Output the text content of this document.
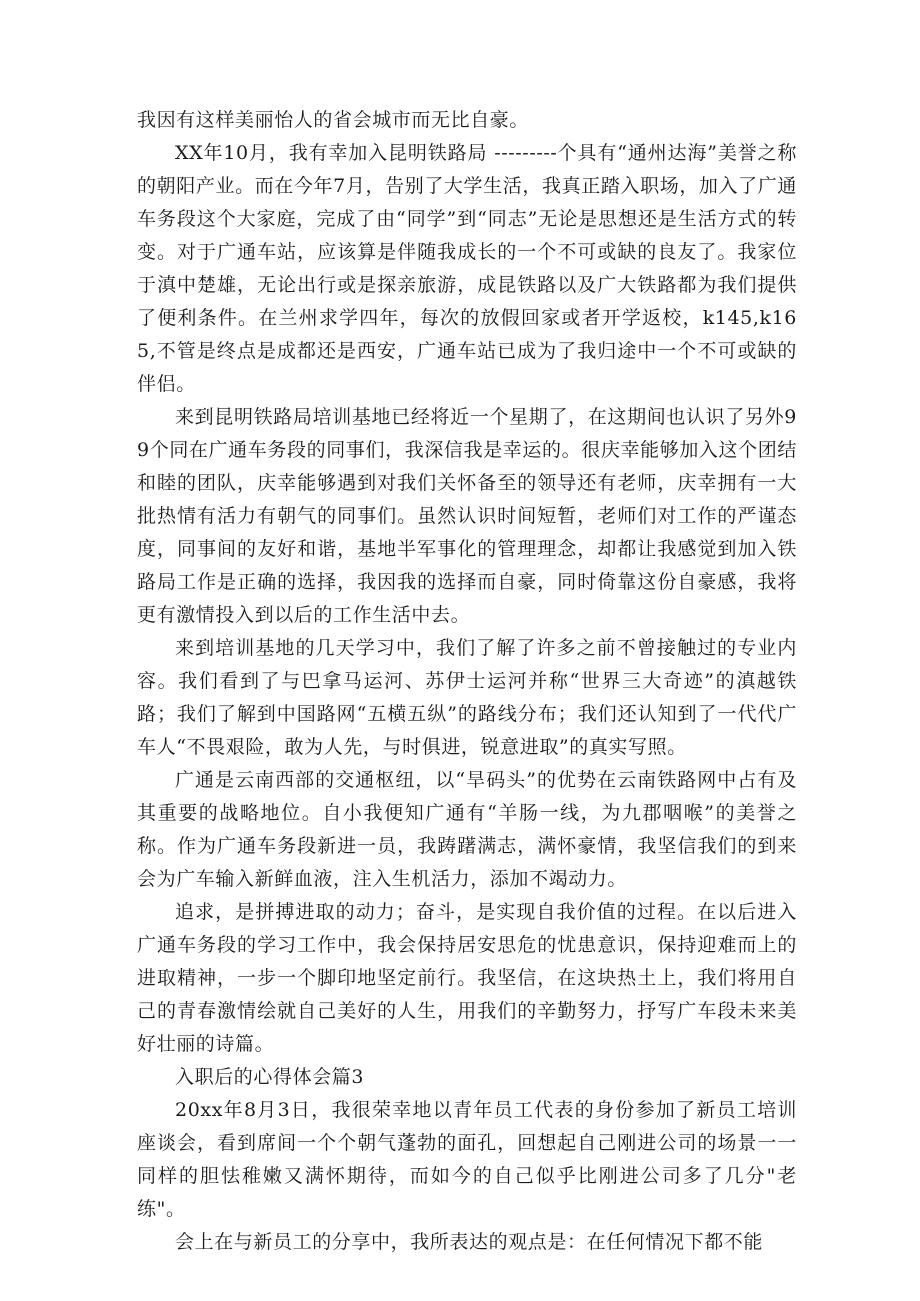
我因有这样美丽怡人的省会城市而无比自豪。

XX年10月，我有幸加入昆明铁路局 ---------个具有“通州达海”美誉之称的朝阳产业。而在今年7月，告别了大学生活，我真正踏入职场，加入了广通车务段这个大家庭，完成了由“同学”到“同志”无论是思想还是生活方式的转变。对于广通车站，应该算是伴随我成长的一个不可或缺的良友了。我家位于滇中楚雄，无论出行或是探亲旅游，成昆铁路以及广大铁路都为我们提供了便利条件。在兰州求学四年，每次的放假回家或者开学返校，k145,k165,不管是终点是成都还是西安，广通车站已成为了我归途中一个不可或缺的伴侣。

来到昆明铁路局培训基地已经将近一个星期了，在这期间也认识了另外99个同在广通车务段的同事们，我深信我是幸运的。很庆幸能够加入这个团结和睦的团队，庆幸能够遇到对我们关怀备至的领导还有老师，庆幸拥有一大批热情有活力有朝气的同事们。虽然认识时间短暂，老师们对工作的严谨态度，同事间的友好和谐，基地半军事化的管理理念，却都让我感觉到加入铁路局工作是正确的选择，我因我的选择而自豪，同时倚靠这份自豪感，我将更有激情投入到以后的工作生活中去。

来到培训基地的几天学习中，我们了解了许多之前不曾接触过的专业内容。我们看到了与巴拿马运河、苏伊士运河并称“世界三大奇迹”的滇越铁路；我们了解到中国路网“五横五纵”的路线分布；我们还认知到了一代代广车人“不畏艰险，敢为人先，与时俱进，锐意进取”的真实写照。

广通是云南西部的交通枢纽，以“旱码头”的优势在云南铁路网中占有及其重要的战略地位。自小我便知广通有“羊肠一线，为九郡咽喉”的美誉之称。作为广通车务段新进一员，我踌躇满志，满怀豪情，我坚信我们的到来会为广车输入新鲜血液，注入生机活力，添加不竭动力。

追求，是拼搏进取的动力；奋斗，是实现自我价值的过程。在以后进入广通车务段的学习工作中，我会保持居安思危的忧患意识，保持迎难而上的进取精神，一步一个脚印地坚定前行。我坚信，在这块热土上，我们将用自己的青春激情绘就自己美好的人生，用我们的辛勤努力，抒写广车段未来美好壮丽的诗篇。

入职后的心得体会篇3

20xx年8月3日，我很荣幸地以青年员工代表的身份参加了新员工培训座谈会，看到席间一个个朝气蓬勃的面孔，回想起自己刚进公司的场景一一同样的胆怯稚嫩又满怀期待，而如今的自己似乎比刚进公司多了几分"老练"。

会上在与新员工的分享中，我所表达的观点是：在任何情况下都不能
